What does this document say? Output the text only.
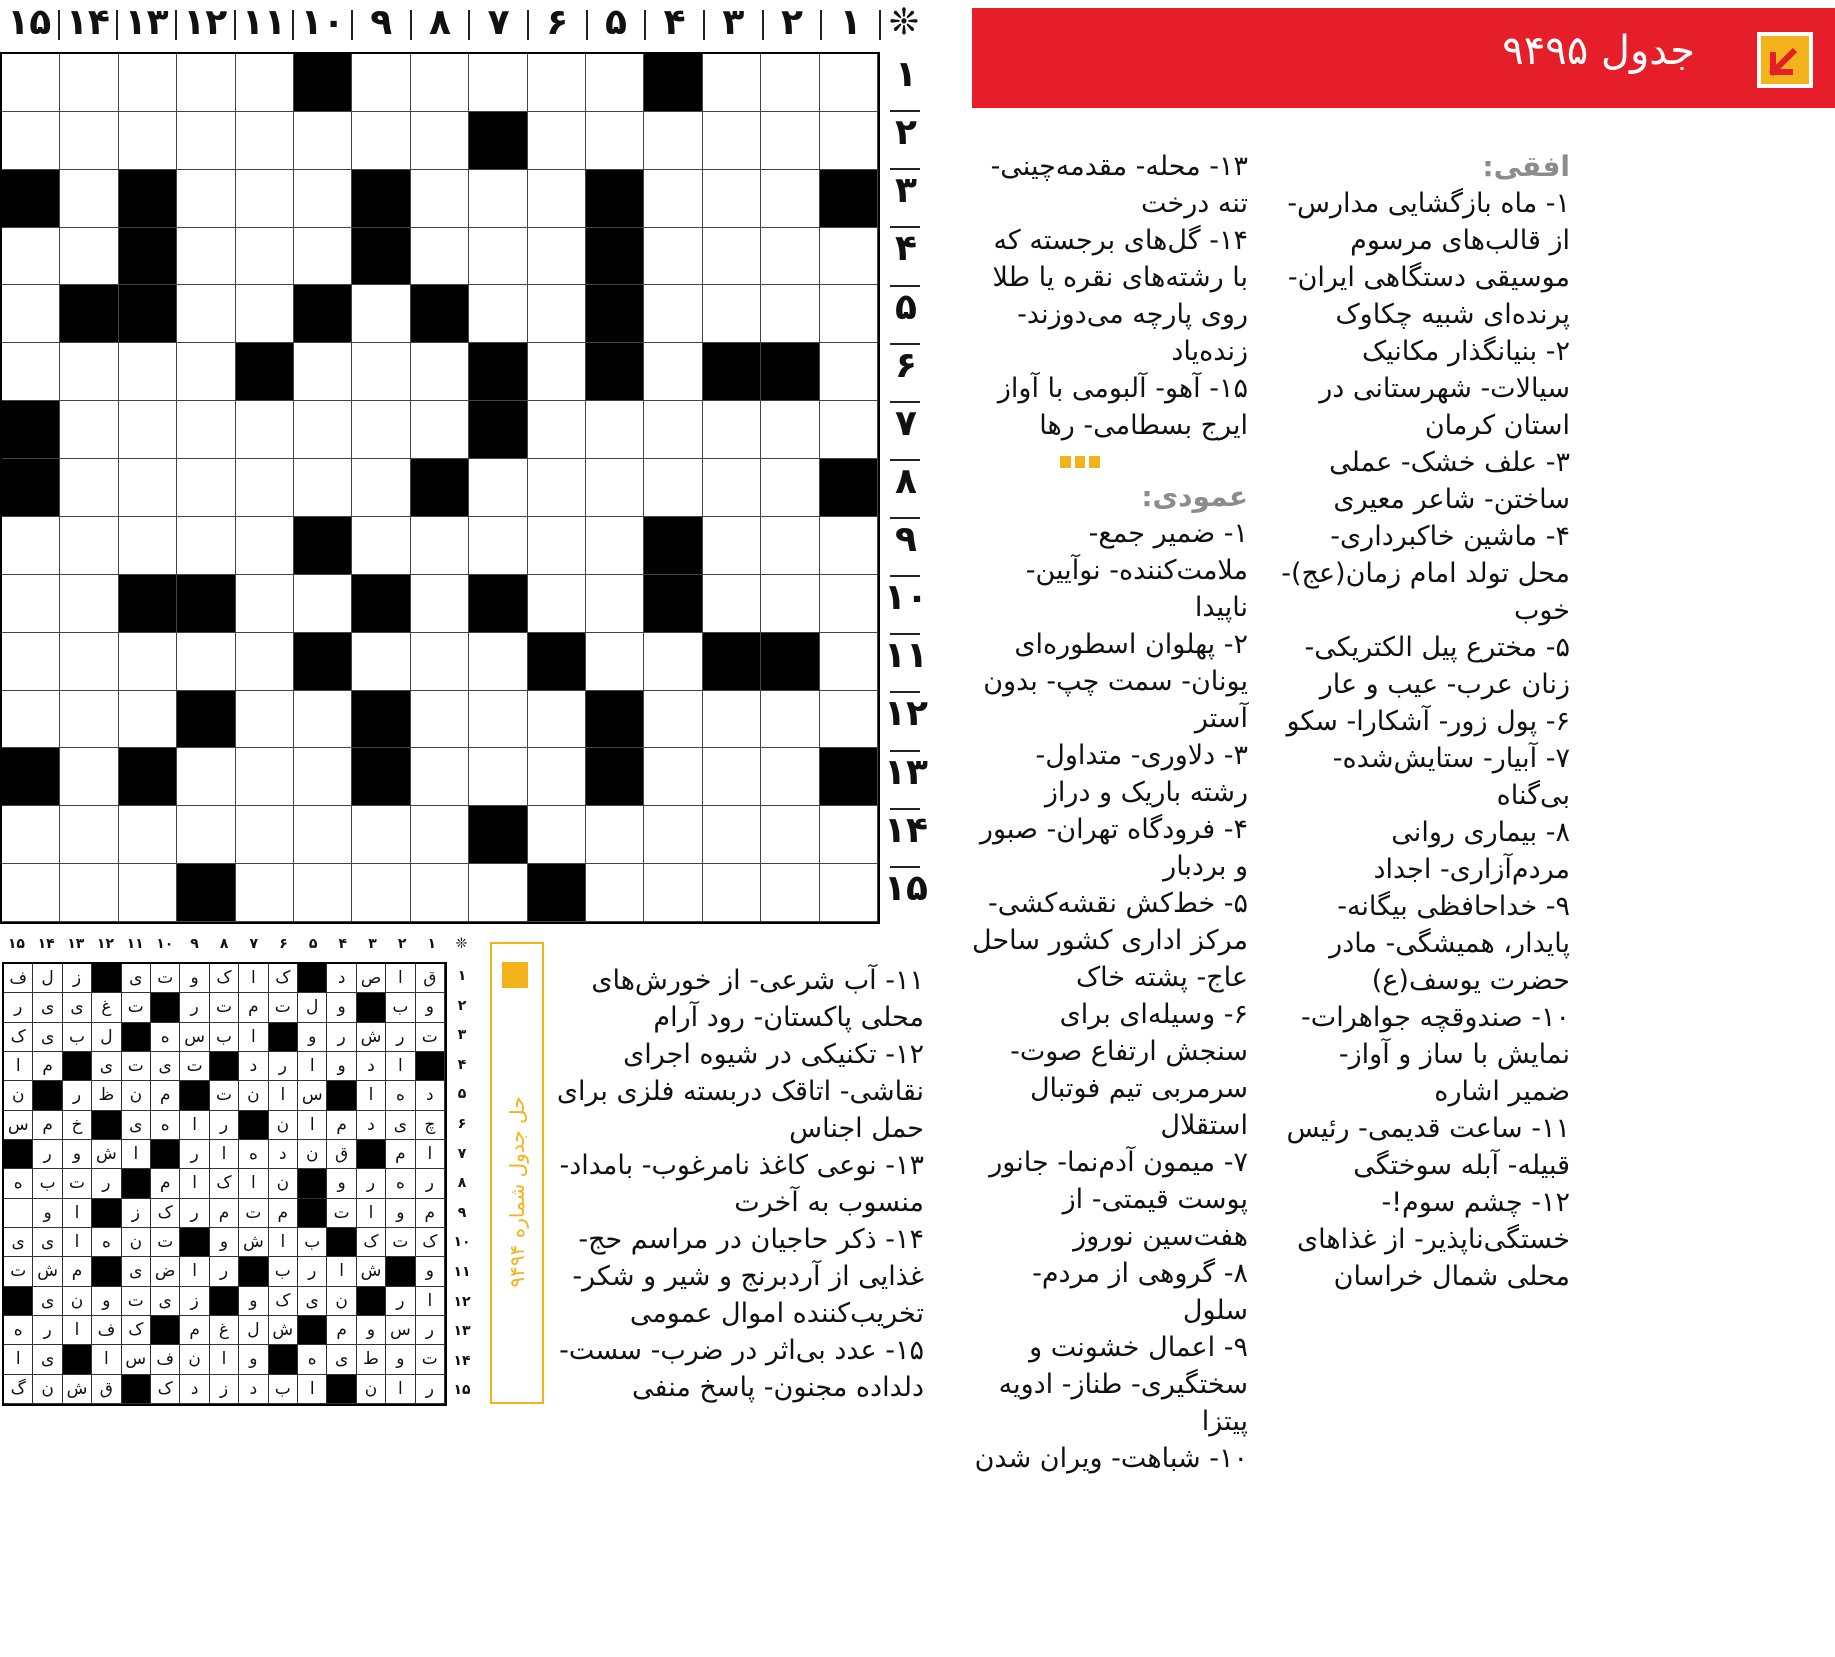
❊
۱
۲
۳
۴
۵
۶
۷
۸
۹
۱۰
۱۱
۱۲
۱۳
۱۴
۱۵
۱
۲
۳
۴
۵
۶
۷
۸
۹
۱۰
۱۱
۱۲
۱۳
۱۴
۱۵
جدول ۹۴۹۵
افقی:
۱- ماه بازگشایی مدارس- از قالب‌های مرسوم موسیقی دستگاهی ایران- پرنده‌ای شبیه چکاوک
۲- بنیانگذار مکانیک سیالات- شهرستانی در استان کرمان
۳- علف خشک- عملی ساختن- شاعر معیری
۴- ماشین خاکبرداری- محل تولد امام زمان(عج)- خوب
۵- مخترع پیل الکتریکی- زنان عرب- عیب و عار
۶- پول زور- آشکارا- سکو
۷- آبیار- ستایش‌شده- بی‌گناه
۸- بیماری روانی مردم‌آزاری- اجداد
۹- خداحافظی بیگانه- پایدار، همیشگی- مادر حضرت یوسف(ع)
۱۰- صندوقچه جواهرات- نمایش با ساز و آواز- ضمیر اشاره
۱۱- ساعت قدیمی- رئیس قبیله- آبله سوختگی
۱۲- چشم سوم!- خستگی‌ناپذیر- از غذاهای محلی شمال خراسان
۱۳- محله- مقدمه‌چینی- تنه درخت
۱۴- گل‌های برجسته که با رشته‌های نقره یا طلا روی پارچه می‌دوزند- زنده‌یاد
۱۵- آهو- آلبومی با آواز ایرج بسطامی- رها
عمودی:
۱- ضمیر جمع- ملامت‌کننده- نوآیین- ناپیدا
۲- پهلوان اسطوره‌ای یونان- سمت چپ- بدون آستر
۳- دلاوری- متداول- رشته باریک و دراز
۴- فرودگاه تهران- صبور و بردبار
۵- خط‌کش نقشه‌کشی- مرکز اداری کشور ساحل عاج- پشته خاک
۶- وسیله‌ای برای سنجش ارتفاع صوت- سرمربی تیم فوتبال استقلال
۷- میمون آدم‌نما- جانور پوست قیمتی- از هفت‌سین نوروز
۸- گروهی از مردم- سلول
۹- اعمال خشونت و سختگیری- طناز- ادویه پیتزا
۱۰- شباهت- ویران شدن
۱۱- آب شرعی- از خورش‌های محلی پاکستان- رود آرام
۱۲- تکنیکی در شیوه اجرای نقاشی- اتاقک دربسته فلزی برای حمل اجناس
۱۳- نوعی کاغذ نامرغوب- بامداد- منسوب به آخرت
۱۴- ذکر حاجیان در مراسم حج- غذایی از آردبرنج و شیر و شکر- تخریب‌کننده اموال عمومی
۱۵- عدد بی‌اثر در ضرب- سست- دلداده مجنون- پاسخ منفی
حل جدول شماره ۹۴۹۴
❊
۱
۲
۳
۴
۵
۶
۷
۸
۹
۱۰
۱۱
۱۲
۱۳
۱۴
۱۵
ق
ا
ص
د
ک
ا
ک
و
ت
ی
ز
ل
ف
و
ب
و
ل
ت
م
ت
ر
ت
غ
ی
ی
ر
ت
ر
ش
ر
و
ا
ب
س
ه
ل
ب
ی
ک
ا
د
و
ا
ر
د
ت
ی
ت
ی
م
ا
د
ه
ا
س
ا
ن
ت
م
ن
ظ
ر
ن
چ
ی
د
م
ا
ن
ر
ا
ه
ی
خ
م
س
ا
م
ق
ن
د
ه
ا
ر
ا
ش
و
ر
ر
ه
ر
و
ن
ا
ک
ا
م
ر
ت
ب
ه
م
و
ا
ت
م
ت
م
ر
ک
ز
ا
و
ک
ت
ک
ب
ا
ش
و
ت
ن
ه
ا
ی
ی
و
ش
ا
ر
ب
ر
ا
ض
ی
م
ش
ت
ا
ر
ن
ی
ک
و
ز
ی
ت
و
ن
ی
ر
س
و
م
ش
ل
غ
م
ک
ف
ا
ر
ه
ت
و
ط
ی
ه
و
ا
ن
ف
س
ا
ی
ا
ر
ا
ن
ا
ب
د
ز
د
ک
ق
ش
ن
گ
۱
۲
۳
۴
۵
۶
۷
۸
۹
۱۰
۱۱
۱۲
۱۳
۱۴
۱۵
